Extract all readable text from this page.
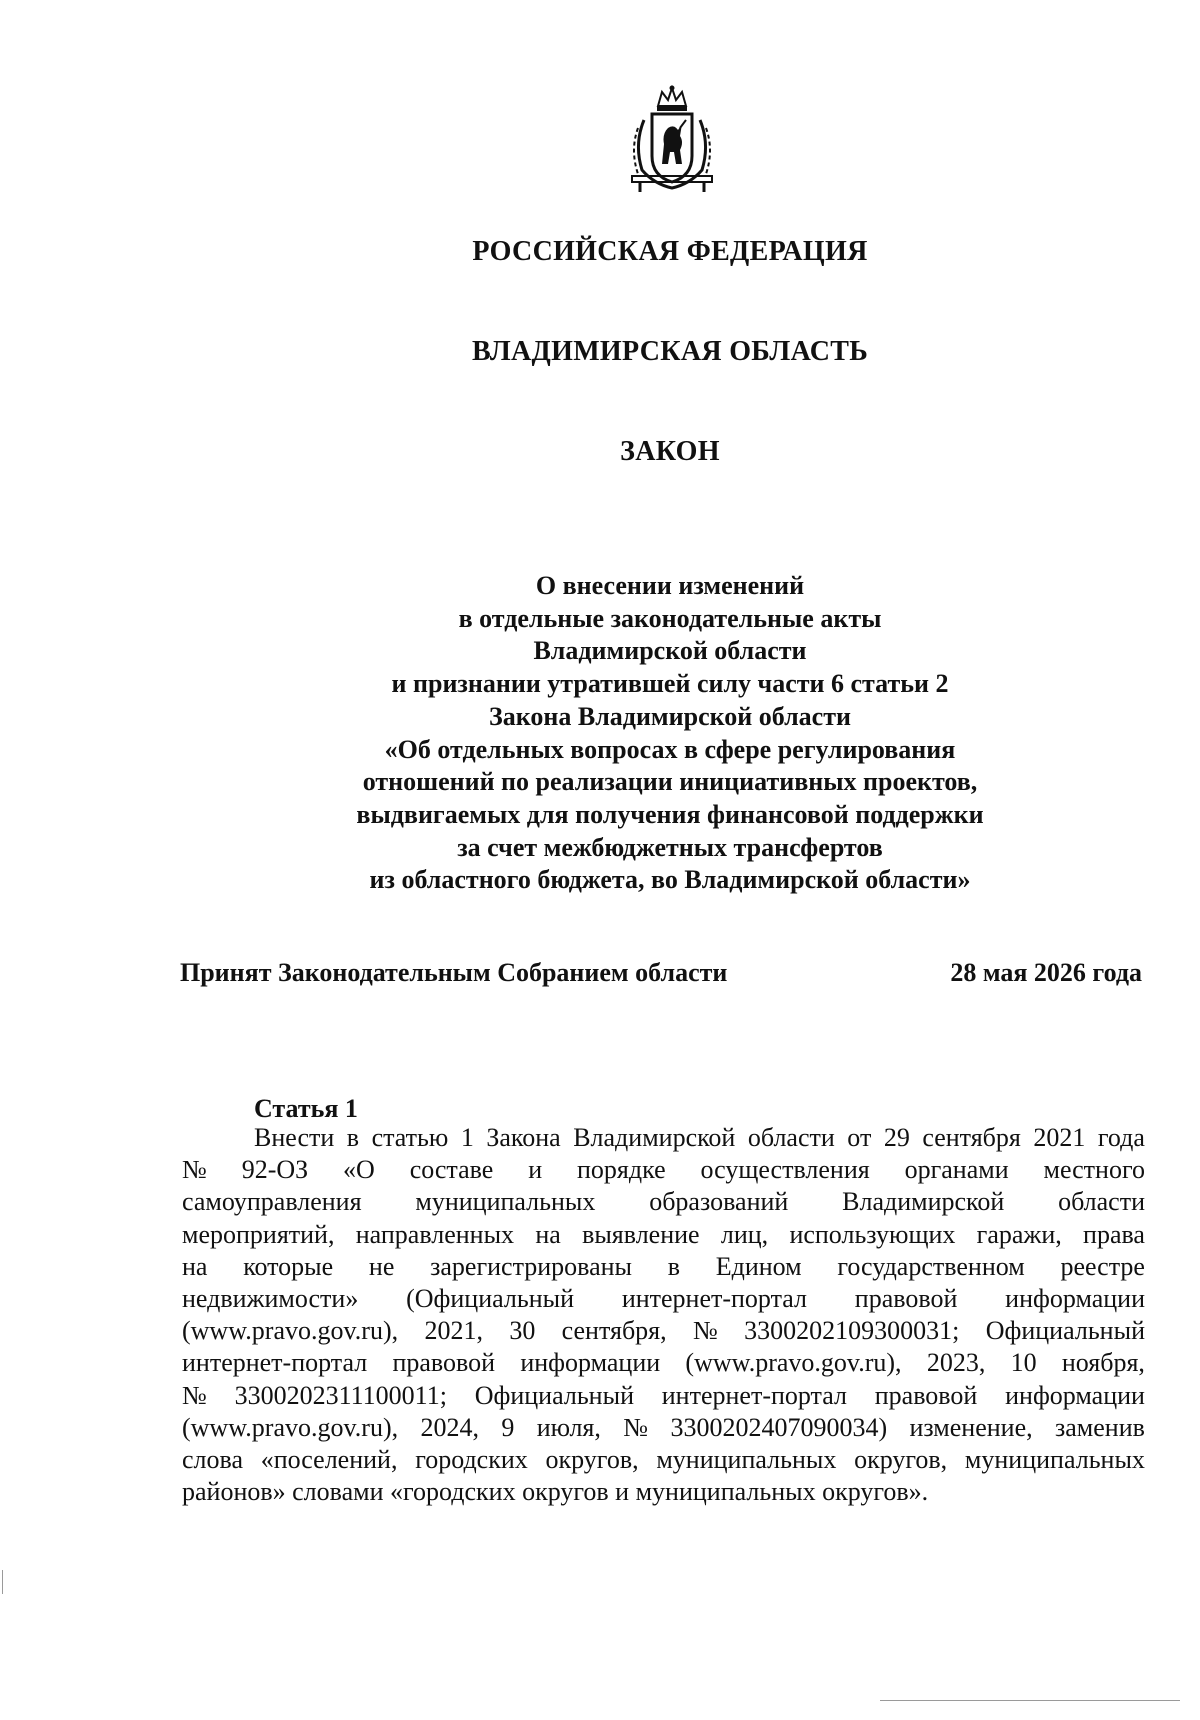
РОССИЙСКАЯ ФЕДЕРАЦИЯ
ВЛАДИМИРСКАЯ ОБЛАСТЬ
ЗАКОН
О внесении изменений
в отдельные законодательные акты
Владимирской области
и признании утратившей силу части 6 статьи 2
Закона Владимирской области
«Об отдельных вопросах в сфере регулирования
отношений по реализации инициативных проектов,
выдвигаемых для получения финансовой поддержки
за счет межбюджетных трансфертов
из областного бюджета, во Владимирской области»
Принят Законодательным Собранием области	28 мая 2026 года
Статья 1
Внести в статью 1 Закона Владимирской области от 29 сентября 2021 года
№ 92-ОЗ «О составе и порядке осуществления органами местного
самоуправления муниципальных образований Владимирской области
мероприятий, направленных на выявление лиц, использующих гаражи, права
на которые не зарегистрированы в Едином государственном реестре
недвижимости» (Официальный интернет-портал правовой информации
(www.pravo.gov.ru), 2021, 30 сентября, № 3300202109300031; Официальный
интернет-портал правовой информации (www.pravo.gov.ru), 2023, 10 ноября,
№ 3300202311100011; Официальный интернет-портал правовой информации
(www.pravo.gov.ru), 2024, 9 июля, № 3300202407090034) изменение, заменив
слова «поселений, городских округов, муниципальных округов, муниципальных
районов» словами «городских округов и муниципальных округов».
